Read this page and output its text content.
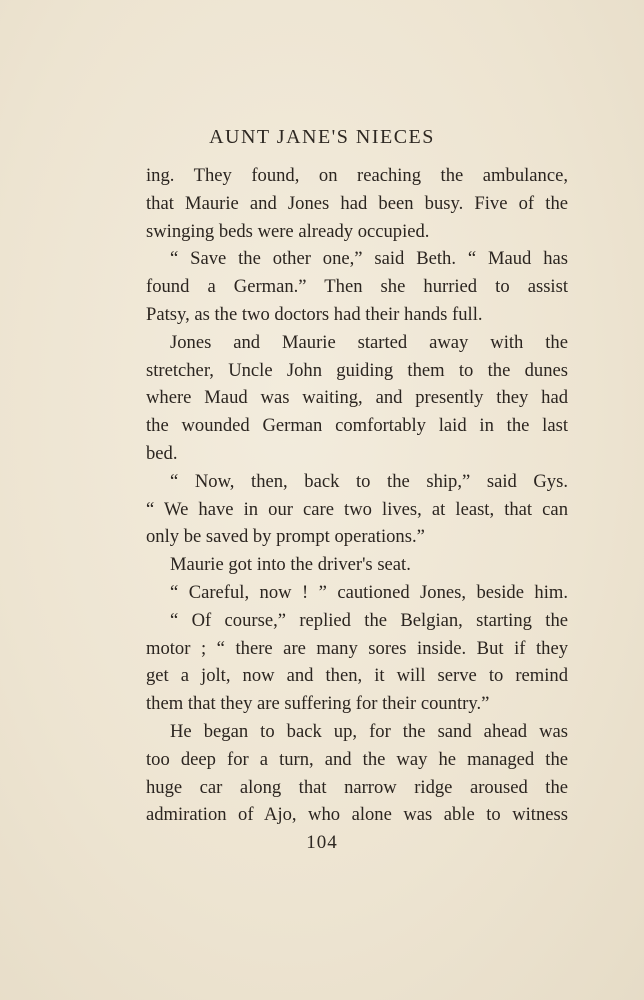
AUNT JANE'S NIECES
ing. They found, on reaching the ambulance,
that Maurie and Jones had been busy. Five of the
swinging beds were already occupied.
“ Save the other one,” said Beth. “ Maud has
found a German.” Then she hurried to assist
Patsy, as the two doctors had their hands full.
Jones and Maurie started away with the
stretcher, Uncle John guiding them to the dunes
where Maud was waiting, and presently they had
the wounded German comfortably laid in the last
bed.
“ Now, then, back to the ship,” said Gys.
“ We have in our care two lives, at least, that can
only be saved by prompt operations.”
Maurie got into the driver's seat.
“ Careful, now ! ” cautioned Jones, beside him.
“ Of course,” replied the Belgian, starting the
motor ; “ there are many sores inside. But if they
get a jolt, now and then, it will serve to remind
them that they are suffering for their country.”
He began to back up, for the sand ahead was
too deep for a turn, and the way he managed the
huge car along that narrow ridge aroused the
admiration of Ajo, who alone was able to witness
104
